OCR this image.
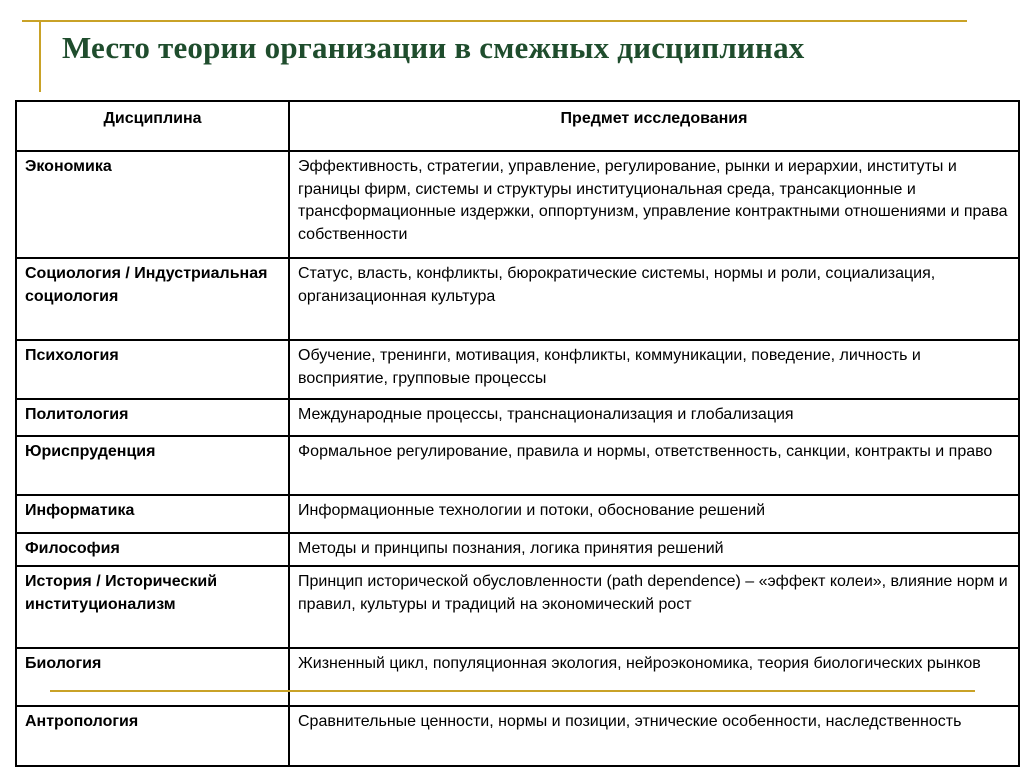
Место теории организации в смежных дисциплинах
Дисциплина	Предмет исследования
Экономика	Эффективность, стратегии, управление, регулирование, рынки и иерархии, институты и границы фирм, системы и структуры институциональная среда, трансакционные и трансформационные издержки, оппортунизм, управление контрактными отношениями и права собственности
Социология / Индустриальная социология	Статус, власть, конфликты, бюрократические системы, нормы и роли, социализация, организационная культура
Психология	Обучение, тренинги, мотивация, конфликты, коммуникации, поведение, личность и восприятие, групповые процессы
Политология	Международные процессы, транснационализация и глобализация
Юриспруденция	Формальное регулирование, правила и нормы, ответственность, санкции, контракты и право
Информатика	Информационные технологии и потоки, обоснование решений
Философия	Методы и принципы познания, логика принятия решений
История / Исторический институционализм	Принцип исторической обусловленности (path dependence) – «эффект колеи», влияние норм и правил, культуры и традиций на экономический рост
Биология	Жизненный цикл, популяционная экология, нейроэкономика, теория биологических рынков
Антропология	Сравнительные ценности, нормы и позиции, этнические особенности, наследственность
